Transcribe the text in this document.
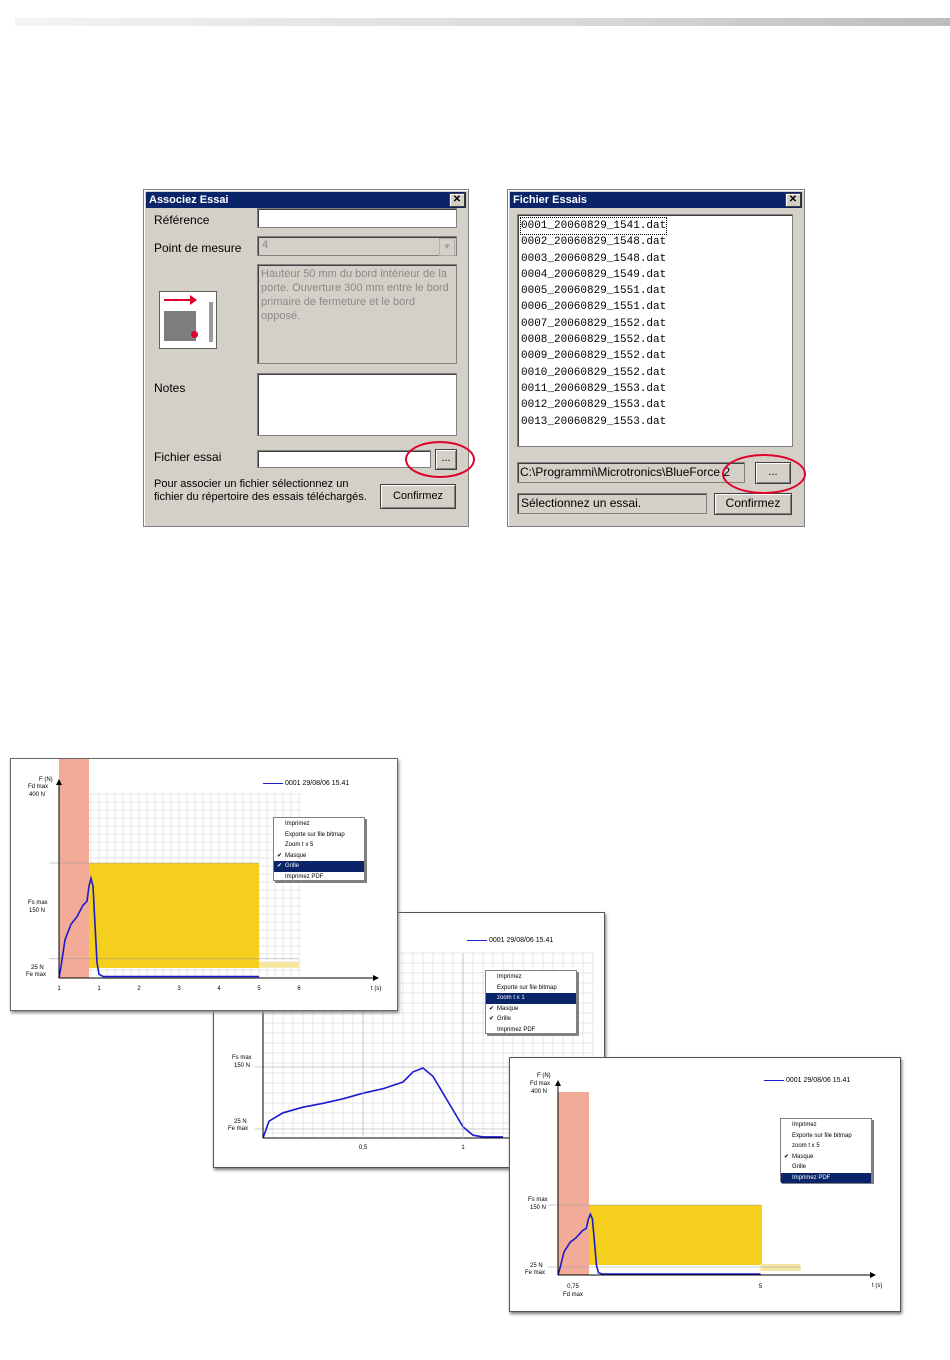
Associez Essai	✕
Référence
Point de mesure	4	▼
Hauteur 50 mm du bord intérieur de la porte. Ouverture 300 mm entre le bord primaire de fermeture et le bord opposé.
Notes
Fichier essai	...
Pour associer un fichier sélectionnez un fichier du répertoire des essais téléchargés.	Confirmez
Fichier Essais	✕
0001_20060829_1541.dat
0002_20060829_1548.dat
0003_20060829_1548.dat
0004_20060829_1549.dat
0005_20060829_1551.dat
0006_20060829_1551.dat
0007_20060829_1552.dat
0008_20060829_1552.dat
0009_20060829_1552.dat
0010_20060829_1552.dat
0011_20060829_1553.dat
0012_20060829_1553.dat
0013_20060829_1553.dat
C:\Programmi\Microtronics\BlueForce 2	...
Sélectionnez un essai.	Confirmez
Fs max
150 N
25 N
Fe max
0,5	1
0001 29/08/06 15.41
Imprimez
Exporte sur file bitmap
zoom t x 1
✔ Masque
✔ Grille
Imprimez PDF
F (N)
Fd max
400 N
Fs max
150 N
25 N
Fe max
1	2	3	4	5	6
1	t (s)
0001 29/08/06 15.41
Imprimez
Exporte sur file bitmap
Zoom t x 5
✔ Masque
✔ Grille
Imprimez PDF
F (N)
Fd max
400 N
Fs max
150 N
25 N
Fe max
0,75
Fd max
5	t (s)
0001 29/08/06 15.41
Imprimez
Exporte sur file bitmap
zoom t x 5
✔ Masque
Grille
Imprimez PDF
